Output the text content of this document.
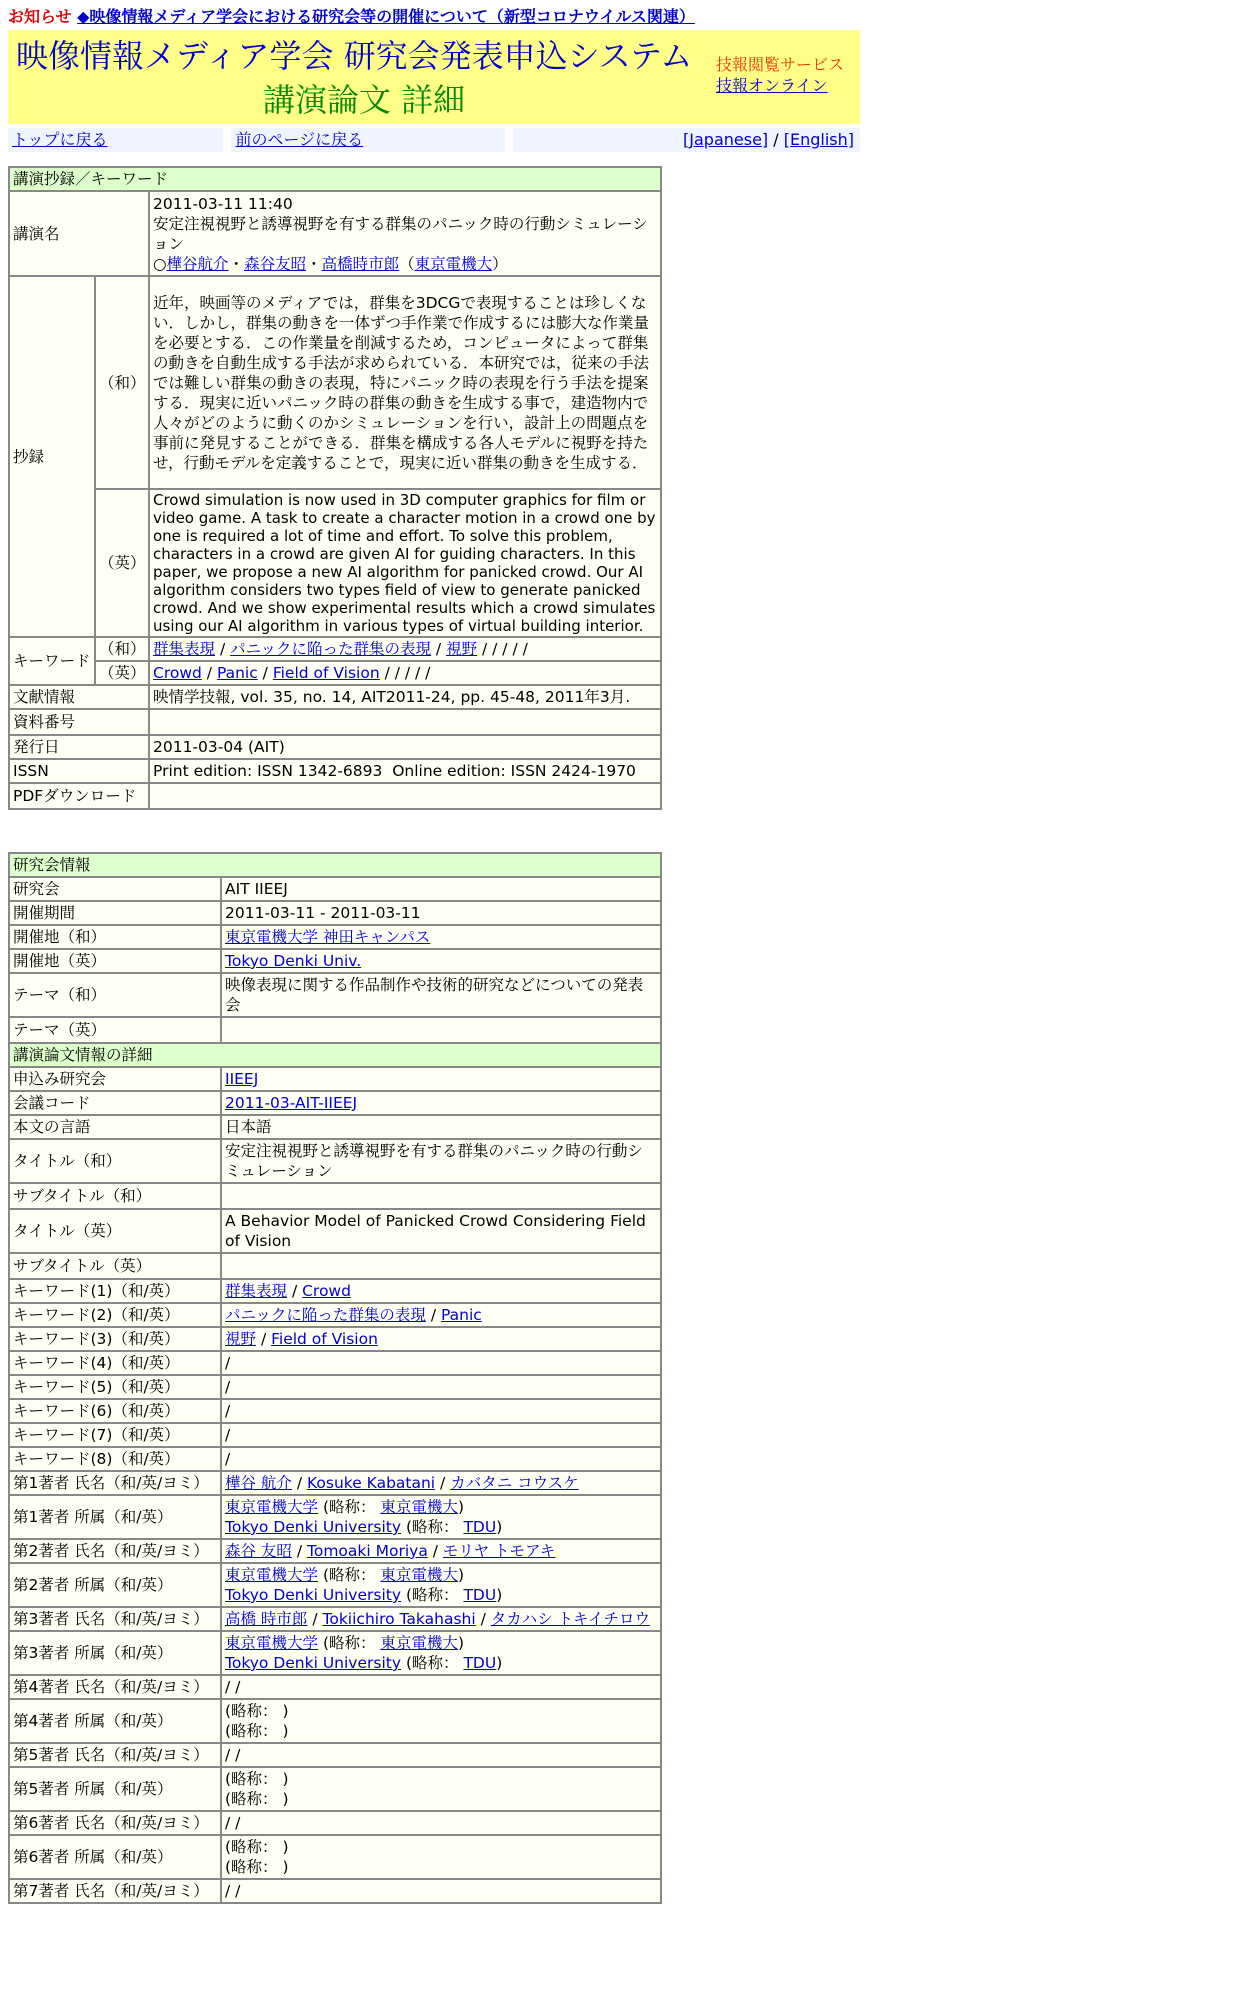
お知らせ ◆映像情報メディア学会における研究会等の開催について（新型コロナウイルス関連）
映像情報メディア学会 研究会発表申込システム
講演論文 詳細
技報閲覧サービス
技報オンライン
トップに戻る	前のページに戻る	[Japanese] / [English]
講演抄録／キーワード		
講演名		2011-03-11 11:40
安定注視視野と誘導視野を有する群集のパニック時の行動シミュレーション
○樺谷航介・森谷友昭・高橋時市郎（東京電機大）

抄録	（和）	近年，映画等のメディアでは，群集を3DCGで表現することは珍しくない．しかし，群集の動きを一体ずつ手作業で作成するには膨大な作業量を必要とする．この作業量を削減するため，コンピュータによって群集の動きを自動生成する手法が求められている．本研究では，従来の手法では難しい群集の動きの表現，特にパニック時の表現を行う手法を提案する．現実に近いパニック時の群集の動きを生成する事で，建造物内で人々がどのように動くのかシミュレーションを行い，設計上の問題点を事前に発見することができる．群集を構成する各人モデルに視野を持たせ，行動モデルを定義することで，現実に近い群集の動きを生成する．
	（英）	Crowd simulation is now used in 3D computer graphics for film or video game. A task to create a character motion in a crowd one by one is required a lot of time and effort. To solve this problem, characters in a crowd are given AI for guiding characters. In this paper, we propose a new AI algorithm for panicked crowd. Our AI algorithm considers two types field of view to generate panicked crowd. And we show experimental results which a crowd simulates using our AI algorithm in various types of virtual building interior.
キーワード	（和）	群集表現 / パニックに陥った群集の表現 / 視野 / / / / /
	（英）	Crowd / Panic / Field of Vision / / / / /
文献情報		映情学技報, vol. 35, no. 14, AIT2011-24, pp. 45-48, 2011年3月.
資料番号		
発行日		2011-03-04 (AIT)
ISSN		Print edition: ISSN 1342-6893  Online edition: ISSN 2424-1970
PDFダウンロード		
研究会情報	
研究会	AIT IIEEJ
開催期間	2011-03-11 - 2011-03-11
開催地（和）	東京電機大学 神田キャンパス
開催地（英）	Tokyo Denki Univ.
テーマ（和）	映像表現に関する作品制作や技術的研究などについての発表会
テーマ（英）	
講演論文情報の詳細	
申込み研究会	IIEEJ
会議コード	2011-03-AIT-IIEEJ
本文の言語	日本語
タイトル（和）	安定注視視野と誘導視野を有する群集のパニック時の行動シミュレーション
サブタイトル（和）	
タイトル（英）	A Behavior Model of Panicked Crowd Considering Field of Vision
サブタイトル（英）	
キーワード(1)（和/英）	群集表現 / Crowd
キーワード(2)（和/英）	パニックに陥った群集の表現 / Panic
キーワード(3)（和/英）	視野 / Field of Vision
キーワード(4)（和/英）	/
キーワード(5)（和/英）	/
キーワード(6)（和/英）	/
キーワード(7)（和/英）	/
キーワード(8)（和/英）	/
第1著者 氏名（和/英/ヨミ）	樺谷 航介 / Kosuke Kabatani / カバタニ コウスケ
第1著者 所属（和/英）	東京電機大学 (略称： 東京電機大)
Tokyo Denki University (略称： TDU)

第2著者 氏名（和/英/ヨミ）	森谷 友昭 / Tomoaki Moriya / モリヤ トモアキ
第2著者 所属（和/英）	東京電機大学 (略称： 東京電機大)
Tokyo Denki University (略称： TDU)

第3著者 氏名（和/英/ヨミ）	高橋 時市郎 / Tokiichiro Takahashi / タカハシ トキイチロウ
第3著者 所属（和/英）	東京電機大学 (略称： 東京電機大)
Tokyo Denki University (略称： TDU)

第4著者 氏名（和/英/ヨミ）	/ /
第4著者 所属（和/英）	(略称： )
(略称： )

第5著者 氏名（和/英/ヨミ）	/ /
第5著者 所属（和/英）	(略称： )
(略称： )

第6著者 氏名（和/英/ヨミ）	/ /
第6著者 所属（和/英）	(略称： )
(略称： )

第7著者 氏名（和/英/ヨミ）	/ /
